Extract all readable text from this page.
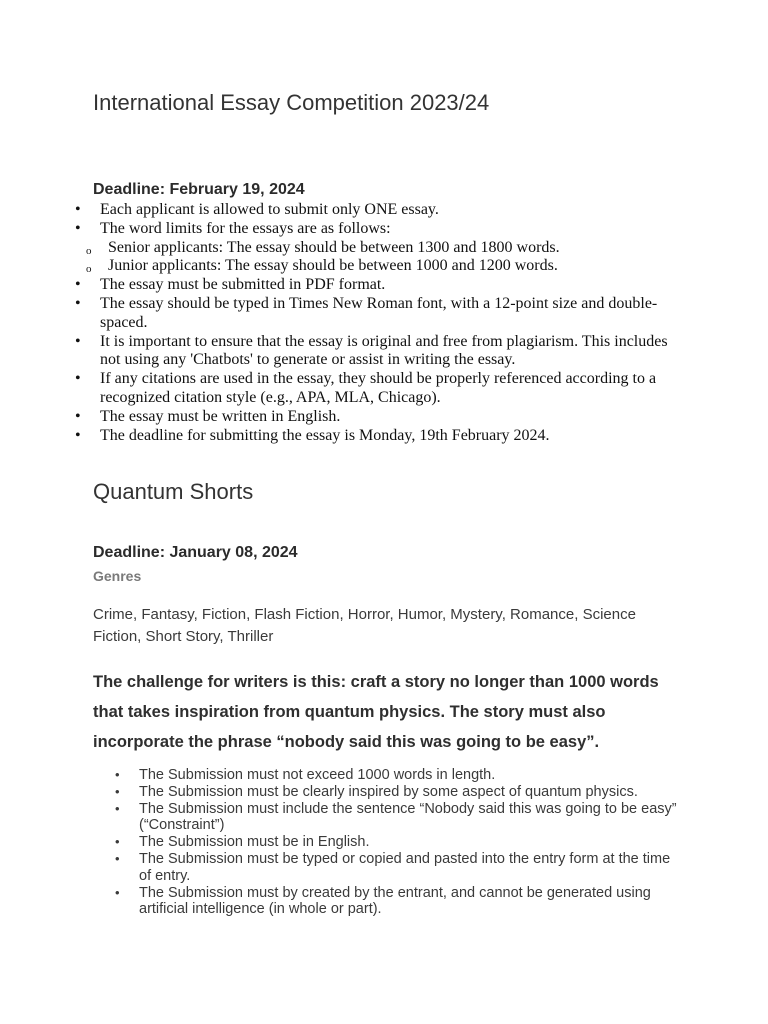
International Essay Competition 2023/24
Deadline: February 19, 2024
•	Each applicant is allowed to submit only ONE essay.
•	The word limits for the essays are as follows:
o	Senior applicants: The essay should be between 1300 and 1800 words.
o	Junior applicants: The essay should be between 1000 and 1200 words.
•	The essay must be submitted in PDF format.
•	The essay should be typed in Times New Roman font, with a 12-point size and double-spaced.
•	It is important to ensure that the essay is original and free from plagiarism. This includes not using any 'Chatbots' to generate or assist in writing the essay.
•	If any citations are used in the essay, they should be properly referenced according to a recognized citation style (e.g., APA, MLA, Chicago).
•	The essay must be written in English.
•	The deadline for submitting the essay is Monday, 19th February 2024.
Quantum Shorts
Deadline: January 08, 2024
Genres
Crime, Fantasy, Fiction, Flash Fiction, Horror, Humor, Mystery, Romance, Science Fiction, Short Story, Thriller
The challenge for writers is this: craft a story no longer than 1000 words that takes inspiration from quantum physics. The story must also incorporate the phrase “nobody said this was going to be easy”.
•	The Submission must not exceed 1000 words in length.
•	The Submission must be clearly inspired by some aspect of quantum physics.
•	The Submission must include the sentence “Nobody said this was going to be easy” (“Constraint”)
•	The Submission must be in English.
•	The Submission must be typed or copied and pasted into the entry form at the time of entry.
•	The Submission must by created by the entrant, and cannot be generated using artificial intelligence (in whole or part).
